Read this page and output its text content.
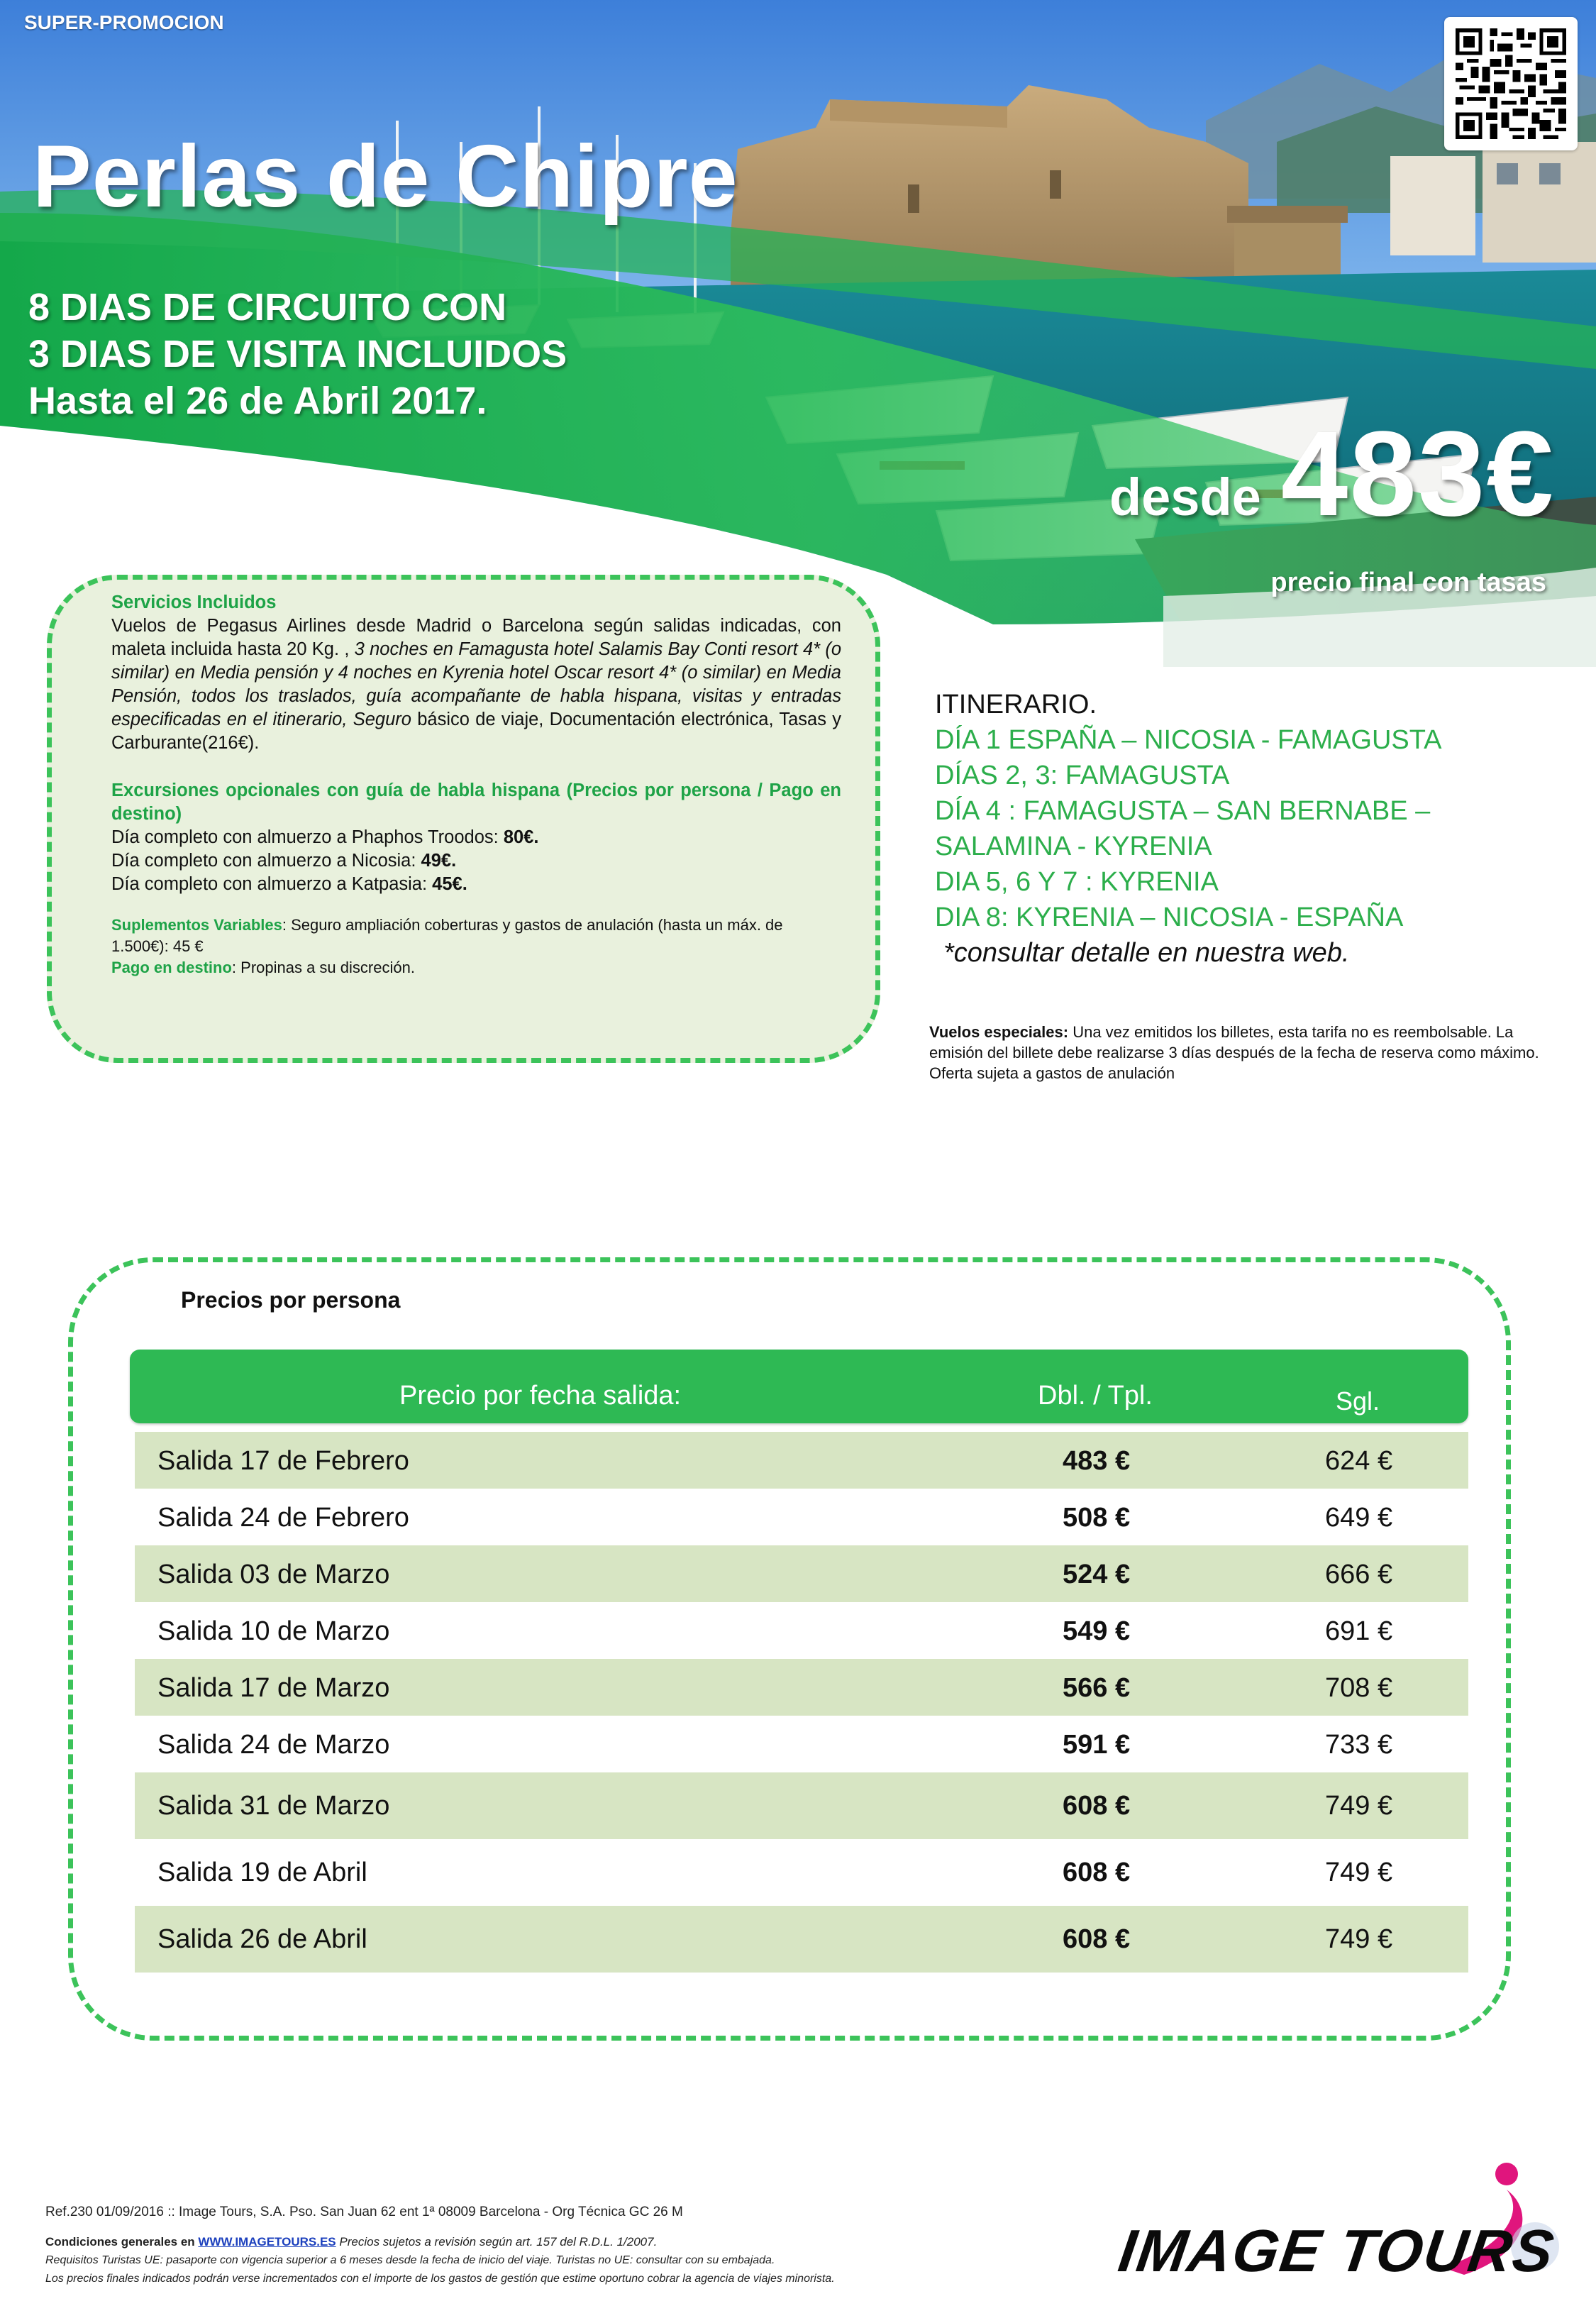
SUPER-PROMOCION
Perlas de Chipre
8 DIAS DE CIRCUITO CON
3 DIAS DE VISITA INCLUIDOS
Hasta el 26 de Abril 2017.
desde 483€
precio final con tasas

Servicios Incluidos

Vuelos de Pegasus Airlines desde Madrid o Barcelona según salidas indicadas, con maleta incluida hasta 20 Kg. , 3 noches en Famagusta hotel Salamis Bay Conti resort 4* (o similar) en Media pensión y 4 noches en Kyrenia hotel Oscar resort 4* (o similar) en Media Pensión, todos los traslados, guía acompañante de habla hispana, visitas y entradas especificadas en el itinerario, Seguro básico de viaje, Documentación electrónica, Tasas y Carburante(216€).

Excursiones opcionales con guía de habla hispana (Precios por persona / Pago en destino)

Día completo con almuerzo a Phaphos Troodos: 80€.

Día completo con almuerzo a Nicosia: 49€.

Día completo con almuerzo a Katpasia: 45€.

Suplementos Variables: Seguro ampliación coberturas y gastos de anulación (hasta un máx. de 1.500€): 45 €

Pago en destino: Propinas a su discreción.

ITINERARIO.
DÍA 1 ESPAÑA – NICOSIA - FAMAGUSTA
DÍAS 2, 3: FAMAGUSTA
DÍA 4 : FAMAGUSTA – SAN BERNABE – SALAMINA - KYRENIA
DIA 5, 6 Y 7 : KYRENIA
DIA 8: KYRENIA – NICOSIA - ESPAÑA
*consultar detalle en nuestra web.
Vuelos especiales: Una vez emitidos los billetes, esta tarifa no es reembolsable. La emisión del billete debe realizarse 3 días después de la fecha de reserva como máximo. Oferta sujeta a gastos de anulación
Precios por persona
Precio por fecha salida:	Dbl. / Tpl.	Sgl.
Salida 17 de Febrero	483 €	624 €
Salida 24 de Febrero	508 €	649 €
Salida 03 de Marzo	524 €	666 €
Salida 10 de Marzo	549 €	691 €
Salida 17 de Marzo	566 €	708 €
Salida 24 de Marzo	591 €	733 €
Salida 31 de Marzo	608 €	749 €
Salida 19 de Abril	608 €	749 €
Salida 26 de Abril	608 €	749 €
Ref.230 01/09/2016 :: Image Tours, S.A. Pso. San Juan 62 ent 1ª 08009 Barcelona - Org Técnica GC 26 M
Condiciones generales en WWW.IMAGETOURS.ES Precios sujetos a revisión según art. 157 del R.D.L. 1/2007.
Requisitos Turistas UE: pasaporte con vigencia superior a 6 meses desde la fecha de inicio del viaje. Turistas no UE: consultar con su embajada.
Los precios finales indicados podrán verse incrementados con el importe de los gastos de gestión que estime oportuno cobrar la agencia de viajes minorista.	IMAGE TOURS
